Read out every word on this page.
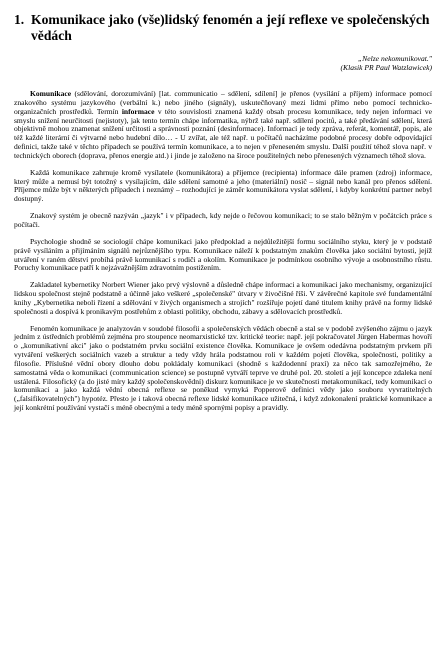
1. Komunikace jako (vše)lidský fenomén a její reflexe ve společenských vědách
„Nelze nekomunikovat."
(Klasik PR Paul Watzlawicek)

Komunikace (sdělování, dorozumívání) [lat. communicatio – sdělení, sdílení] je přenos (vysílání a příjem) informace pomocí znakového systému jazykového (verbální k.) nebo jiného (signály), uskutečňovaný mezi lidmi přímo nebo pomocí technicko-organizačních prostředků. Termín informace v této souvislosti znamená každý obsah procesu komunikace, tedy nejen informaci ve smyslu snížení neurčitosti (nejistoty), jak tento termín chápe informatika, nýbrž také např. sdílení pocitů, a také předávání sdělení, která objektivně mohou znamenat snížení určitosti a správnosti poznání (desinformace). Informací je tedy zpráva, referát, komentář, popis, ale též každé literární či výtvarné nebo hudební dílo… - U zvířat, ale též např. u počítačů nacházíme podobné procesy dobře odpovídající definici, takže také v těchto případech se používá termín komunikace, a to nejen v přeneseném smyslu. Další použití téhož slova např. v technických oborech (doprava, přenos energie atd.) i jinde je založeno na široce použitelných nebo přenesených významech téhož slova.

Každá komunikace zahrnuje kromě vysílatele (komunikátora) a příjemce (recipienta) informace dále pramen (zdroj) informace, který může a nemusí být totožný s vysílajícím, dále sdělení samotné a jeho (materiální) nosič – signál nebo kanál pro přenos sdělení. Příjemce může být v některých případech i neznámý – rozhodující je záměr komunikátora vyslat sdělení, i kdyby konkrétní partner nebyl dostupný.

Znakový systém je obecně nazýván „jazyk" i v případech, kdy nejde o řečovou komunikaci; to se stalo běžným v počátcích práce s počítači.

Psychologie shodně se sociologií chápe komunikaci jako předpoklad a nejdůležitější formu sociálního styku, který je v podstatě právě vysíláním a přijímáním signálů nejrůznějšího typu. Komunikace náleží k podstatným znakům člověka jako sociální bytosti, jejíž utváření v raném dětství probíhá právě komunikací s rodiči a okolím. Komunikace je podmínkou osobního vývoje a osobnostního růstu. Poruchy komunikace patří k nejzávažnějším zdravotním postižením.

Zakladatel kybernetiky Norbert Wiener jako prvý výslovně a důsledně chápe informaci a komunikaci jako mechanismy, organizující lidskou společnost stejně podstatně a účinně jako veškeré „společenské" útvary v živočišné říši. V závěrečné kapitole své fundamentální knihy „Kybernetika neboli řízení a sdělování v živých organismech a strojích" rozšiřuje pojetí dané titulem knihy právě na formy lidské společnosti a dospívá k pronikavým postřehům z oblasti politiky, obchodu, zábavy a sdělovacích prostředků.

Fenomén komunikace je analyzován v soudobé filosofii a společenských vědách obecně a stal se v podobě zvýšeného zájmu o jazyk jedním z ústředních problémů zejména pro stoupence neomarxistické tzv. kritické teorie: např. její pokračovatel Jürgen Habermas hovoří o „komunikativní akci" jako o podstatném prvku sociální existence člověka. Komunikace je ovšem odedávna podstatným prvkem při vytváření veškerých sociálních vazeb a struktur a tedy vždy hrála podstatnou roli v každém pojetí člověka, společnosti, politiky a filosofie. Příslušné vědní obory dlouho dobu pokládaly komunikaci (shodně s každodenní praxí) za něco tak samozřejmého, že samostatná věda o komunikaci (communication science) se postupně vytváří teprve ve druhé pol. 20. století a její koncepce zdaleka není ustálená. Filosofický (a do jisté míry každý společenskovědní) diskurz komunikace je ve skutečnosti metakomunikací, tedy komunikací o komunikaci a jako každá vědní obecná reflexe se poněkud vymyká Popperově definici vědy jako souboru vyvratitelných („falsifikovatelných") hypotéz. Přesto je i taková obecná reflexe lidské komunikace užitečná, i když zdokonalení praktické komunikace a její konkrétní používání vystačí s méně obecnými a tedy méně spornými popisy a pravidly.
